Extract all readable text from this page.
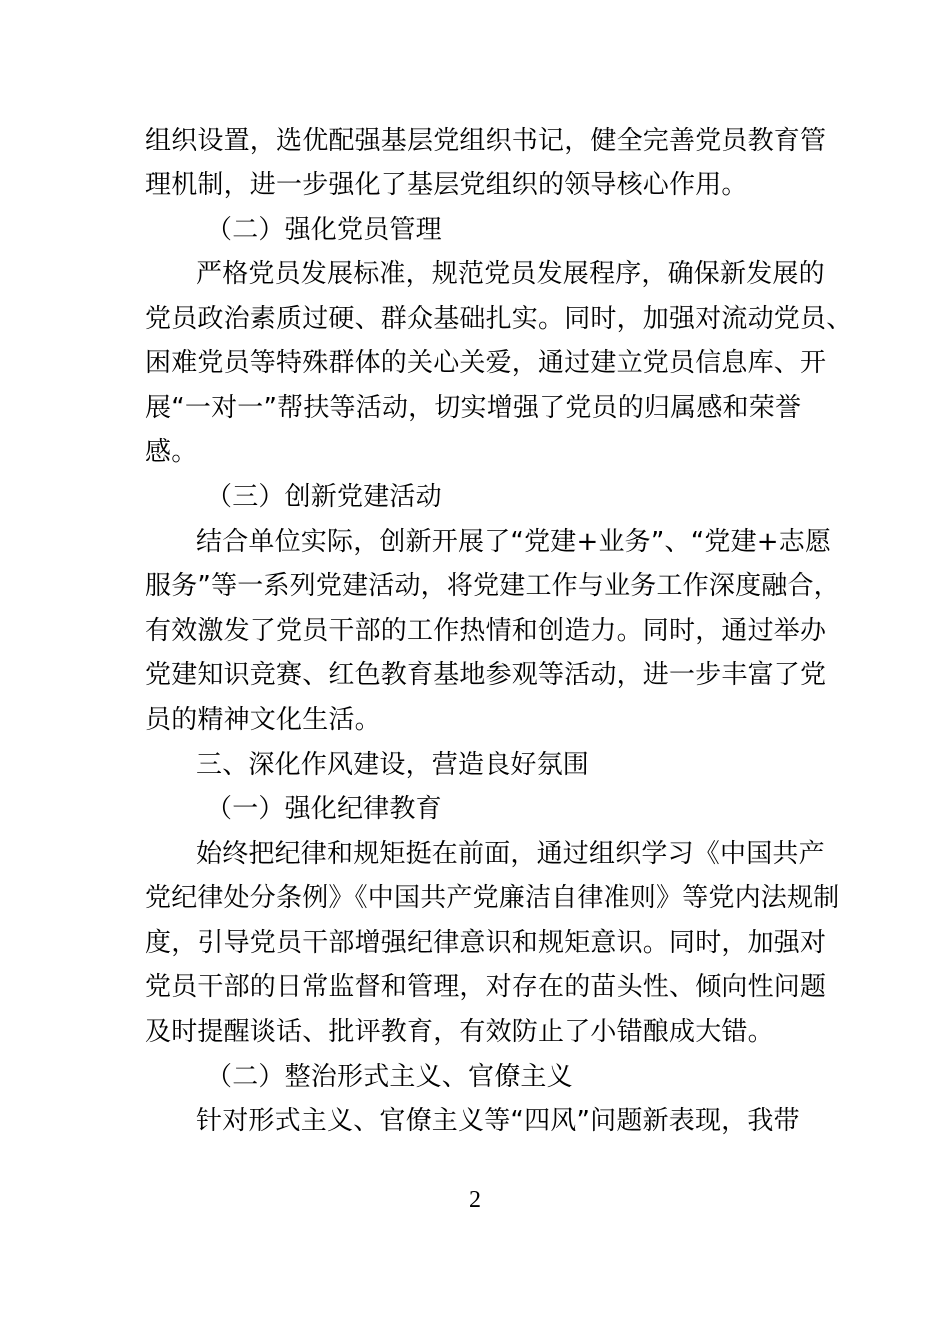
组织设置，选优配强基层党组织书记，健全完善党员教育管
理机制，进一步强化了基层党组织的领导核心作用。
（二）强化党员管理
严格党员发展标准，规范党员发展程序，确保新发展的
党员政治素质过硬、群众基础扎实。同时，加强对流动党员、
困难党员等特殊群体的关心关爱，通过建立党员信息库、开
展“一对一”帮扶等活动，切实增强了党员的归属感和荣誉
感。
（三）创新党建活动
结合单位实际，创新开展了“党建+业务”、“党建+志愿
服务”等一系列党建活动，将党建工作与业务工作深度融合，
有效激发了党员干部的工作热情和创造力。同时，通过举办
党建知识竞赛、红色教育基地参观等活动，进一步丰富了党
员的精神文化生活。
三、深化作风建设，营造良好氛围
（一）强化纪律教育
始终把纪律和规矩挺在前面，通过组织学习《中国共产
党纪律处分条例》《中国共产党廉洁自律准则》等党内法规制
度，引导党员干部增强纪律意识和规矩意识。同时，加强对
党员干部的日常监督和管理，对存在的苗头性、倾向性问题
及时提醒谈话、批评教育，有效防止了小错酿成大错。
（二）整治形式主义、官僚主义
针对形式主义、官僚主义等“四风”问题新表现，我带
2
